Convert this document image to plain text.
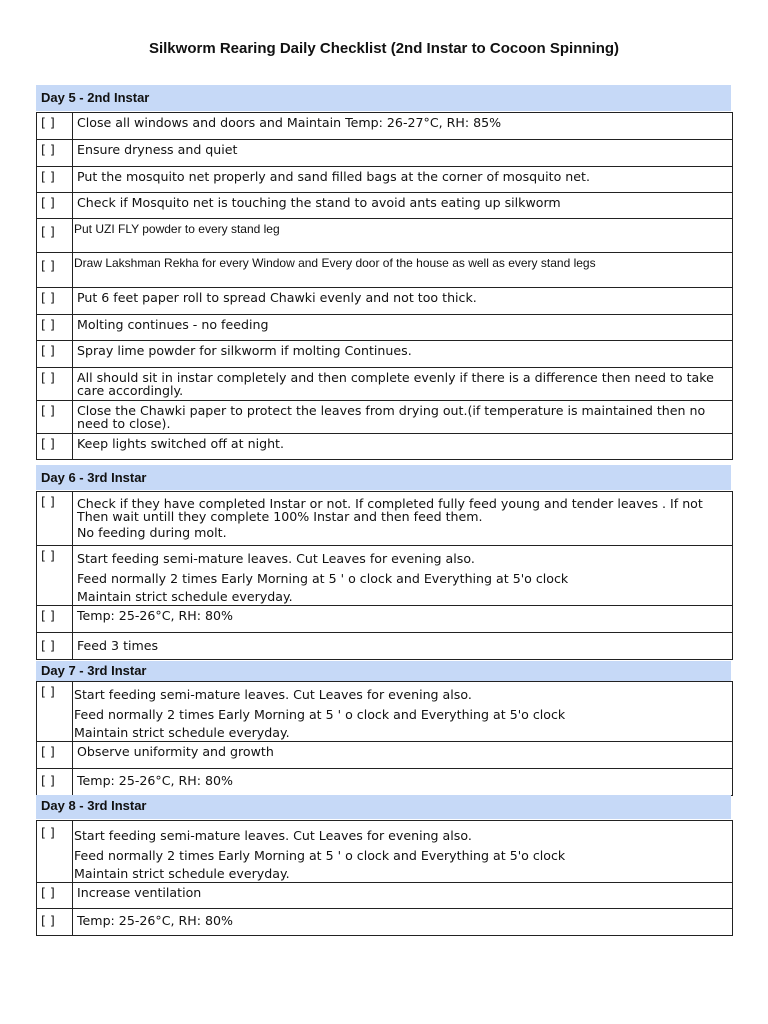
Silkworm Rearing Daily Checklist (2nd Instar to Cocoon Spinning)
Day 5 - 2nd Instar
[ ]	Close all windows and doors and Maintain Temp: 26-27°C, RH: 85%
[ ]	Ensure dryness and quiet
[ ]	Put the mosquito net properly and sand filled bags at the corner of mosquito net.
[ ]	Check if Mosquito net is touching the stand to avoid ants eating up silkworm
[ ]	Put UZI FLY powder to every stand leg
[ ]	Draw Lakshman Rekha for every Window and Every door of the house as well as every stand legs
[ ]	Put 6 feet paper roll to spread Chawki evenly and not too thick.
[ ]	Molting continues - no feeding
[ ]	Spray lime powder for silkworm if molting Continues.
[ ]	All should sit in instar completely and then complete evenly if there is a difference then need to take care accordingly.
[ ]	Close the Chawki paper to protect the leaves from drying out.(if temperature is maintained then no need to close).
[ ]	Keep lights switched off at night.
Day 6 - 3rd Instar
[ ]	Check if they have completed Instar or not. If completed fully feed young and tender leaves . If not Then wait untill they complete 100% Instar and then feed them.
No feeding during molt.

[ ]	Start feeding semi-mature leaves. Cut Leaves for evening also.
Feed normally 2 times Early Morning at 5 ' o clock and Everything at 5'o clock
Maintain strict schedule everyday.

[ ]	Temp: 25-26°C, RH: 80%
[ ]	Feed 3 times
Day 7 - 3rd Instar
[ ]	Start feeding semi-mature leaves. Cut Leaves for evening also.
Feed normally 2 times Early Morning at 5 ' o clock and Everything at 5'o clock
Maintain strict schedule everyday.

[ ]	Observe uniformity and growth
[ ]	Temp: 25-26°C, RH: 80%
Day 8 - 3rd Instar
[ ]	Start feeding semi-mature leaves. Cut Leaves for evening also.
Feed normally 2 times Early Morning at 5 ' o clock and Everything at 5'o clock
Maintain strict schedule everyday.

[ ]	Increase ventilation
[ ]	Temp: 25-26°C, RH: 80%
